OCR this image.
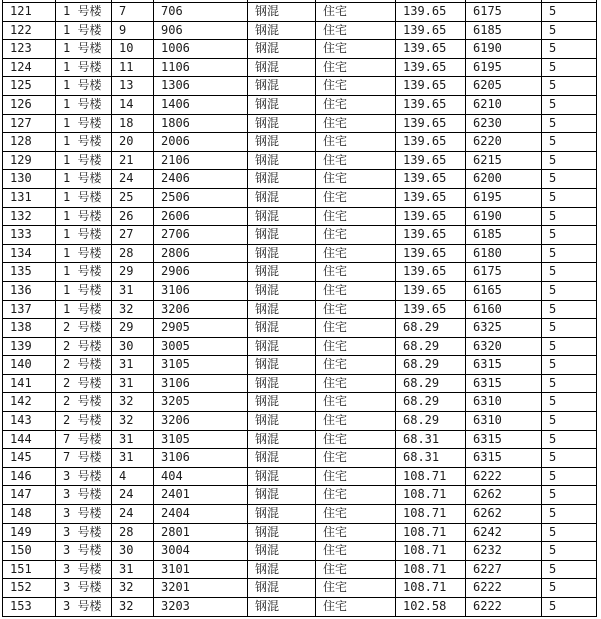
121	1 号楼	7	706	钢混	住宅	139.65	6175	5
122	1 号楼	9	906	钢混	住宅	139.65	6185	5
123	1 号楼	10	1006	钢混	住宅	139.65	6190	5
124	1 号楼	11	1106	钢混	住宅	139.65	6195	5
125	1 号楼	13	1306	钢混	住宅	139.65	6205	5
126	1 号楼	14	1406	钢混	住宅	139.65	6210	5
127	1 号楼	18	1806	钢混	住宅	139.65	6230	5
128	1 号楼	20	2006	钢混	住宅	139.65	6220	5
129	1 号楼	21	2106	钢混	住宅	139.65	6215	5
130	1 号楼	24	2406	钢混	住宅	139.65	6200	5
131	1 号楼	25	2506	钢混	住宅	139.65	6195	5
132	1 号楼	26	2606	钢混	住宅	139.65	6190	5
133	1 号楼	27	2706	钢混	住宅	139.65	6185	5
134	1 号楼	28	2806	钢混	住宅	139.65	6180	5
135	1 号楼	29	2906	钢混	住宅	139.65	6175	5
136	1 号楼	31	3106	钢混	住宅	139.65	6165	5
137	1 号楼	32	3206	钢混	住宅	139.65	6160	5
138	2 号楼	29	2905	钢混	住宅	68.29	6325	5
139	2 号楼	30	3005	钢混	住宅	68.29	6320	5
140	2 号楼	31	3105	钢混	住宅	68.29	6315	5
141	2 号楼	31	3106	钢混	住宅	68.29	6315	5
142	2 号楼	32	3205	钢混	住宅	68.29	6310	5
143	2 号楼	32	3206	钢混	住宅	68.29	6310	5
144	7 号楼	31	3105	钢混	住宅	68.31	6315	5
145	7 号楼	31	3106	钢混	住宅	68.31	6315	5
146	3 号楼	4	404	钢混	住宅	108.71	6222	5
147	3 号楼	24	2401	钢混	住宅	108.71	6262	5
148	3 号楼	24	2404	钢混	住宅	108.71	6262	5
149	3 号楼	28	2801	钢混	住宅	108.71	6242	5
150	3 号楼	30	3004	钢混	住宅	108.71	6232	5
151	3 号楼	31	3101	钢混	住宅	108.71	6227	5
152	3 号楼	32	3201	钢混	住宅	108.71	6222	5
153	3 号楼	32	3203	钢混	住宅	102.58	6222	5
